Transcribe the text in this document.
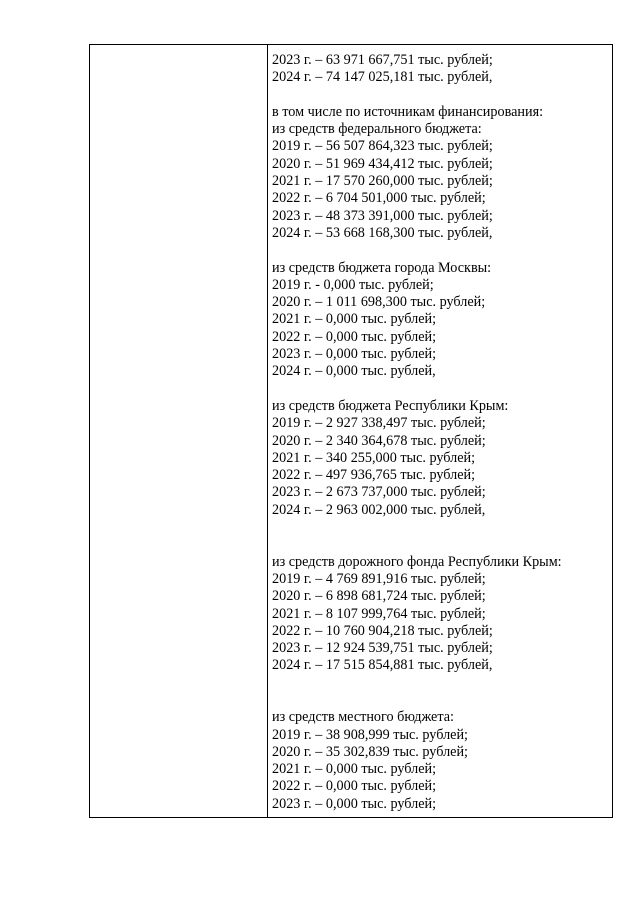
2023 г. – 63 971 667,751 тыс. рублей;
2024 г. – 74 147 025,181 тыс. рублей,
в том числе по источникам финансирования:
из средств федерального бюджета:
2019 г. – 56 507 864,323 тыс. рублей;
2020 г. – 51 969 434,412 тыс. рублей;
2021 г. – 17 570 260,000 тыс. рублей;
2022 г. – 6 704 501,000 тыс. рублей;
2023 г. – 48 373 391,000 тыс. рублей;
2024 г. – 53 668 168,300 тыс. рублей,
из средств бюджета города Москвы:
2019 г. - 0,000 тыс. рублей;
2020 г. – 1 011 698,300 тыс. рублей;
2021 г. – 0,000 тыс. рублей;
2022 г. – 0,000 тыс. рублей;
2023 г. – 0,000 тыс. рублей;
2024 г. – 0,000 тыс. рублей,
из средств бюджета Республики Крым:
2019 г. – 2 927 338,497 тыс. рублей;
2020 г. – 2 340 364,678 тыс. рублей;
2021 г. – 340 255,000 тыс. рублей;
2022 г. – 497 936,765 тыс. рублей;
2023 г. – 2 673 737,000 тыс. рублей;
2024 г. – 2 963 002,000 тыс. рублей,
из средств дорожного фонда Республики Крым:
2019 г. – 4 769 891,916 тыс. рублей;
2020 г. – 6 898 681,724 тыс. рублей;
2021 г. – 8 107 999,764 тыс. рублей;
2022 г. – 10 760 904,218 тыс. рублей;
2023 г. – 12 924 539,751 тыс. рублей;
2024 г. – 17 515 854,881 тыс. рублей,
из средств местного бюджета:
2019 г. – 38 908,999 тыс. рублей;
2020 г. – 35 302,839 тыс. рублей;
2021 г. – 0,000 тыс. рублей;
2022 г. – 0,000 тыс. рублей;
2023 г. – 0,000 тыс. рублей;
